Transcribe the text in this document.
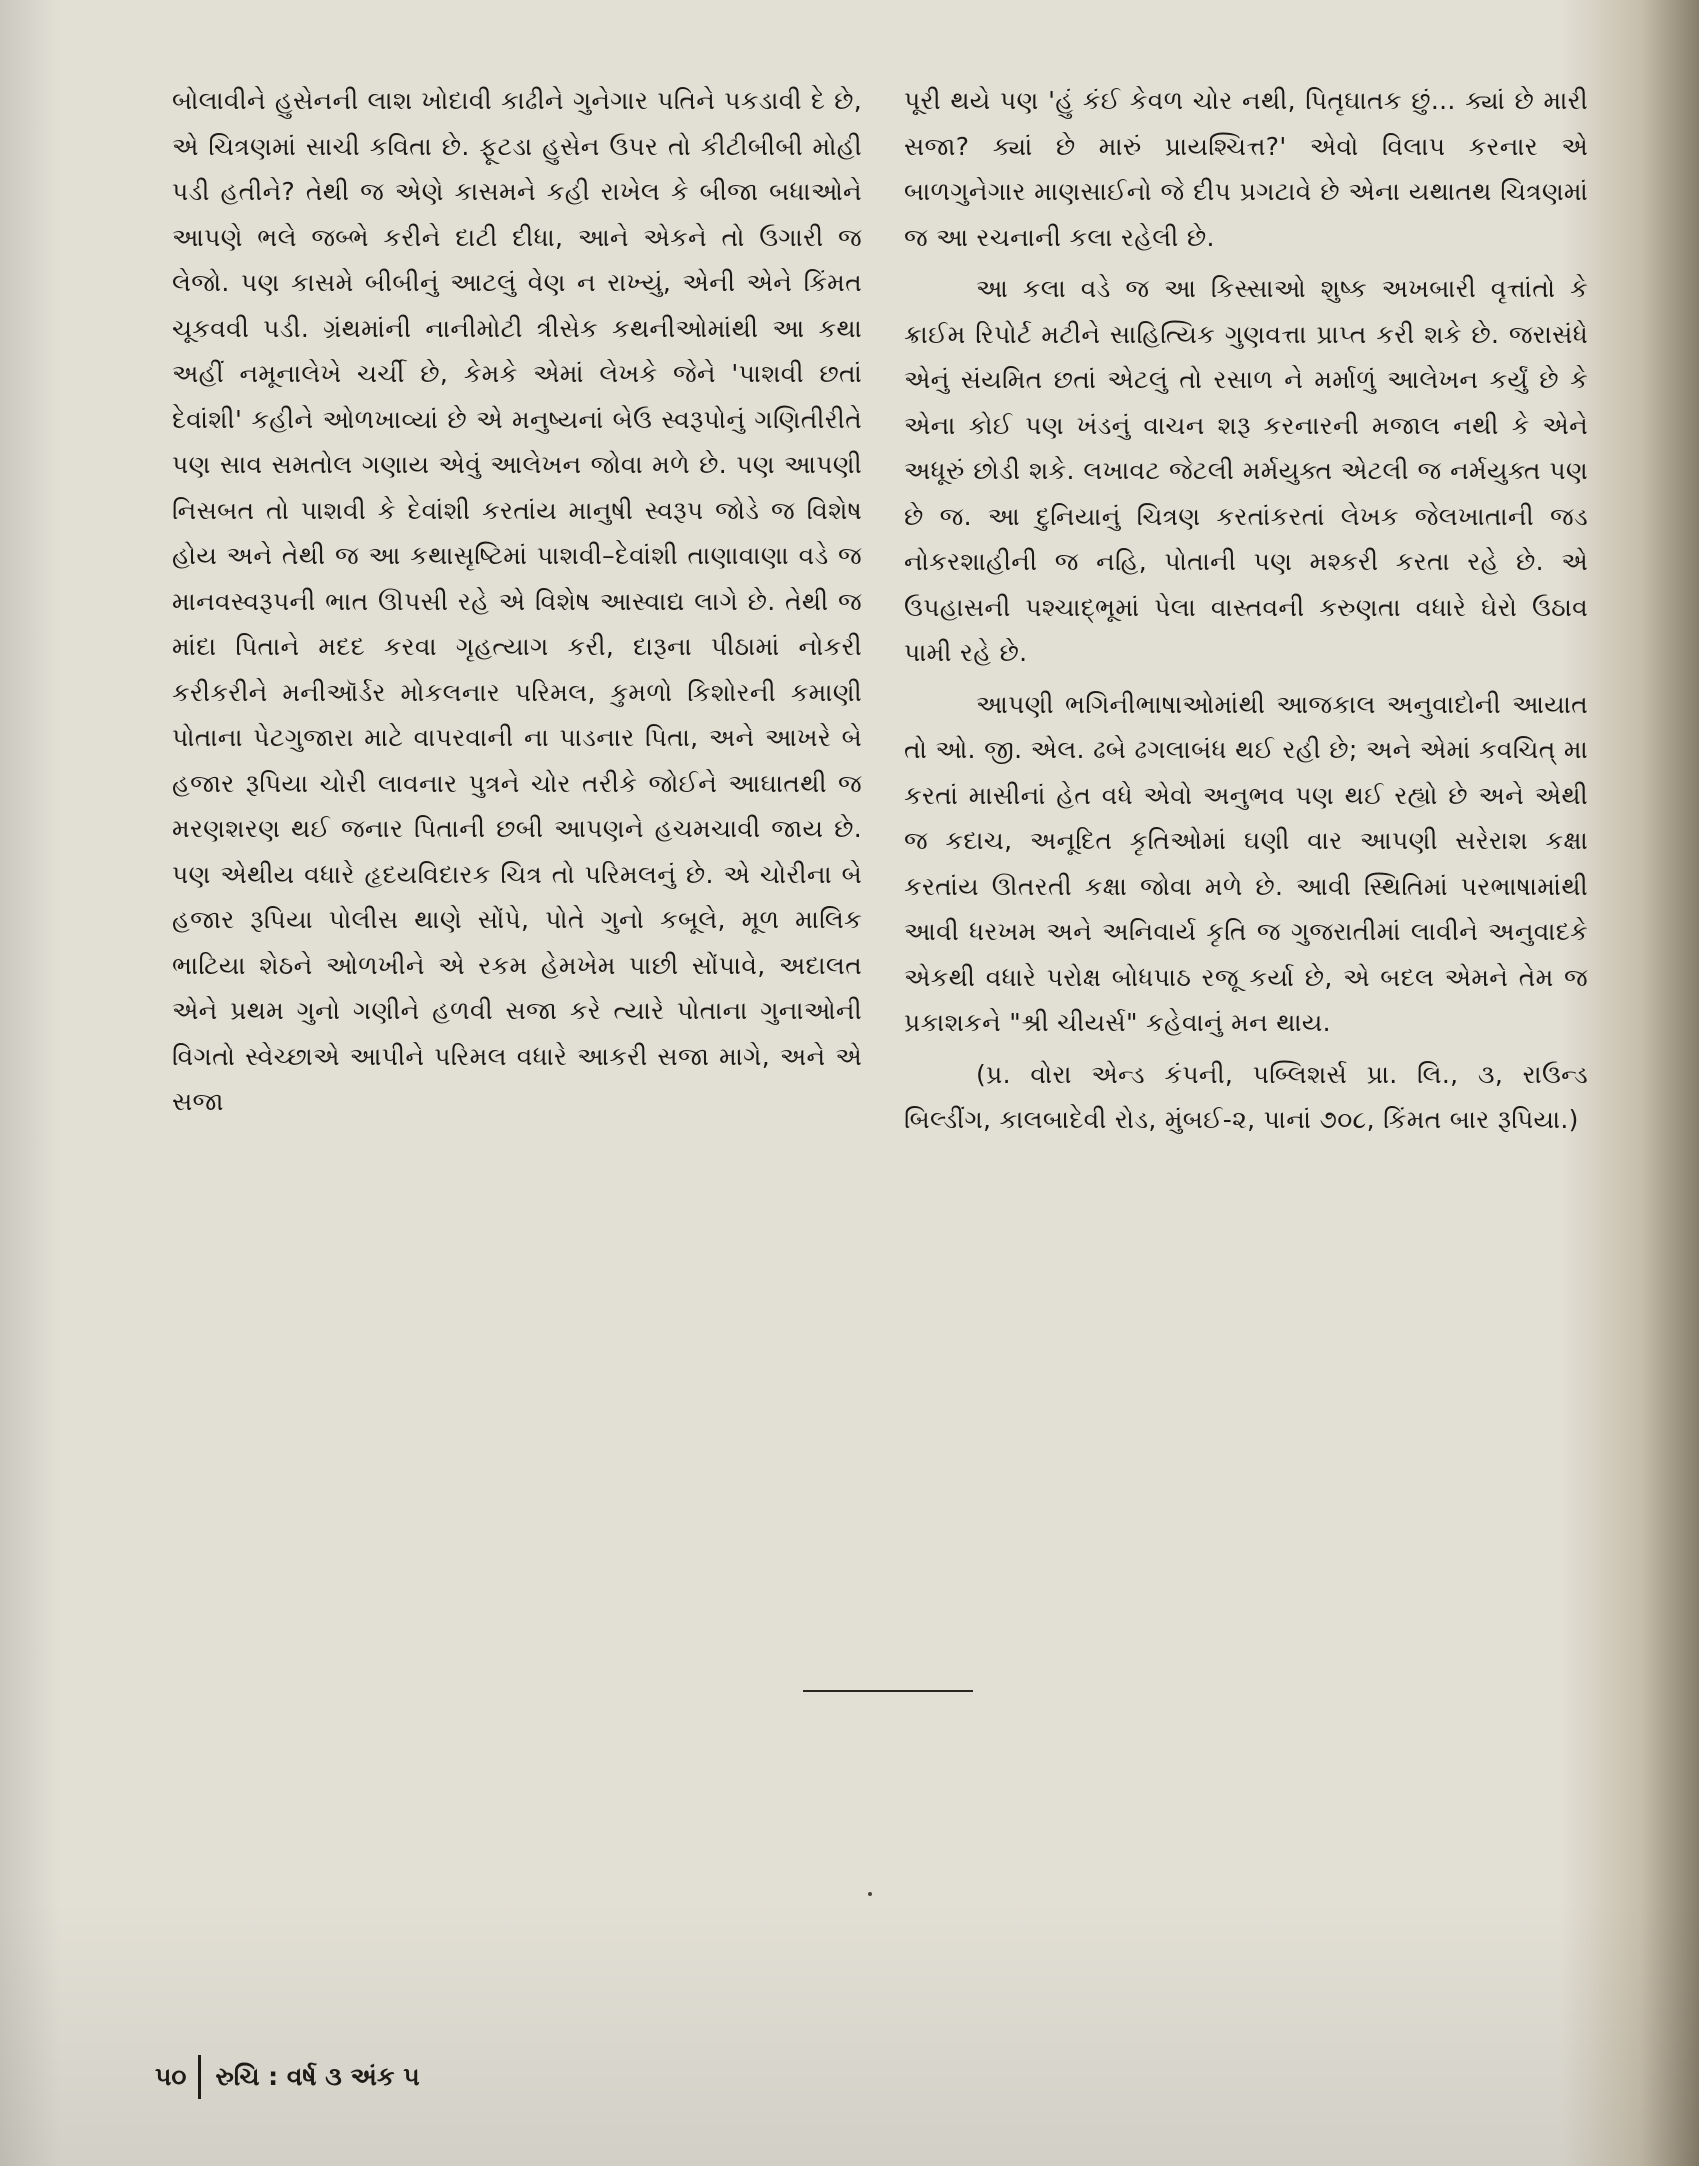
બોલાવીને હુસેનની લાશ ખોદાવી કાઢીને ગુનેગાર પતિને પકડાવી દે છે, એ ચિત્રણમાં સાચી કવિતા છે. ફૂટડા હુસેન ઉપર તો કીટીબીબી મોહી પડી હતીને? તેથી જ એણે કાસમને કહી રાખેલ કે બીજા બધાઓને આપણે ભલે જબ્ભે કરીને દાટી દીધા, આને એકને તો ઉગારી જ લેજો. પણ કાસમે બીબીનું આટલું વેણ ન રાખ્યું, એની એને કિંમત ચૂકવવી પડી. ગ્રંથમાંની નાનીમોટી ત્રીસેક કથનીઓમાંથી આ કથા અહીં નમૂનાલેખે ચર્ચી છે, કેમકે એમાં લેખકે જેને 'પાશવી છતાં દેવાંશી' કહીને ઓળખાવ્યાં છે એ મનુષ્યનાં બેઉ સ્વરૂપોનું ગણિતીરીતે પણ સાવ સમતોલ ગણાય એવું આલેખન જોવા મળે છે. પણ આપણી નિસબત તો પાશવી કે દેવાંશી કરતાંય માનુષી સ્વરૂપ જોડે જ વિશેષ હોય અને તેથી જ આ કથાસૃષ્ટિમાં પાશવી–દેવાંશી તાણાવાણા વડે જ માનવસ્વરૂપની ભાત ઊપસી રહે એ વિશેષ આસ્વાદ્ય લાગે છે. તેથી જ માંદા પિતાને મદદ કરવા ગૃહત્યાગ કરી, દારૂના પીઠામાં નોકરી કરીકરીને મનીઑર્ડર મોકલનાર પરિમલ, કુમળો કિશોરની કમાણી પોતાના પેટગુજારા માટે વાપરવાની ના પાડનાર પિતા, અને આખરે બે હજાર રૂપિયા ચોરી લાવનાર પુત્રને ચોર તરીકે જોઈને આઘાતથી જ મરણશરણ થઈ જનાર પિતાની છબી આપણને હચમચાવી જાય છે. પણ એથીય વધારે હૃદયવિદારક ચિત્ર તો પરિમલનું છે. એ ચોરીના બે હજાર રૂપિયા પોલીસ થાણે સોંપે, પોતે ગુનો કબૂલે, મૂળ માલિક ભાટિયા શેઠને ઓળખીને એ રકમ હેમખેમ પાછી સોંપાવે, અદાલત એને પ્રથમ ગુનો ગણીને હળવી સજા કરે ત્યારે પોતાના ગુનાઓની વિગતો સ્વેચ્છાએ આપીને પરિમલ વધારે આકરી સજા માગે, અને એ સજા

પૂરી થયે પણ 'હું કંઈ કેવળ ચોર નથી, પિતૃઘાતક છું... ક્યાં છે મારી સજા? ક્યાં છે મારું પ્રાયશ્ચિત્ત?' એવો વિલાપ કરનાર એ બાળગુનેગાર માણસાઈનો જે દીપ પ્રગટાવે છે એના યથાતથ ચિત્રણમાં જ આ રચનાની કલા રહેલી છે.

આ કલા વડે જ આ કિસ્સાઓ શુષ્ક અખબારી વૃત્તાંતો કે ક્રાઈમ રિપોર્ટ મટીને સાહિત્યિક ગુણવત્તા પ્રાપ્ત કરી શકે છે. જરાસંધે એનું સંયમિત છતાં એટલું તો રસાળ ને મર્માળું આલેખન કર્યું છે કે એના કોઈ પણ ખંડનું વાચન શરૂ કરનારની મજાલ નથી કે એને અધૂરું છોડી શકે. લખાવટ જેટલી મર્મયુક્ત એટલી જ નર્મયુક્ત પણ છે જ. આ દુનિયાનું ચિત્રણ કરતાંકરતાં લેખક જેલખાતાની જડ નોકરશાહીની જ નહિ, પોતાની પણ મશ્કરી કરતા રહે છે. એ ઉપહાસની પશ્ચાદ્ભૂમાં પેલા વાસ્તવની કરુણતા વધારે ઘેરો ઉઠાવ પામી રહે છે.

આપણી ભગિનીભાષાઓમાંથી આજકાલ અનુવાદોની આયાત તો ઓ. જી. એલ. ઢબે ઢગલાબંધ થઈ રહી છે; અને એમાં કવચિત્ મા કરતાં માસીનાં હેત વધે એવો અનુભવ પણ થઈ રહ્યો છે અને એથી જ કદાચ, અનૂદિત કૃતિઓમાં ઘણી વાર આપણી સરેરાશ કક્ષા કરતાંય ઊતરતી કક્ષા જોવા મળે છે. આવી સ્થિતિમાં પરભાષામાંથી આવી ધરખમ અને અનિવાર્ય કૃતિ જ ગુજરાતીમાં લાવીને અનુવાદકે એકથી વધારે પરોક્ષ બોધપાઠ રજૂ કર્યા છે, એ બદલ એમને તેમ જ પ્રકાશકને "શ્રી ચીયર્સ" કહેવાનું મન થાય.

(પ્ર. વોરા એન્ડ કંપની, પબ્લિશર્સ પ્રા. લિ., ૩, રાઉન્ડ બિલ્ડીંગ, કાલબાદેવી રોડ, મુંબઈ-૨, પાનાં ૭૦૮, કિંમત બાર રૂપિયા.)

૫૦ રુચિ : વર્ષ ૩ અંક ૫
